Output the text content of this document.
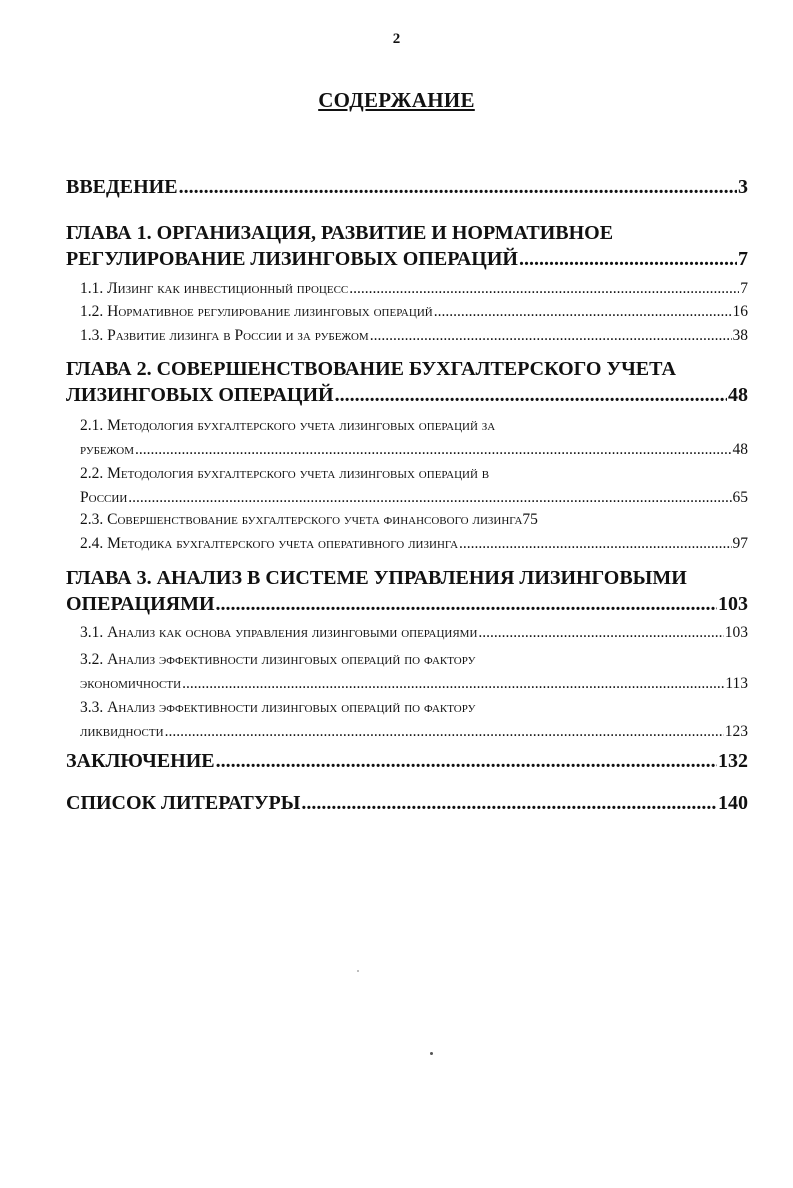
2
СОДЕРЖАНИЕ
ВВЕДЕНИЕ .....	3
ГЛАВА 1. ОРГАНИЗАЦИЯ, РАЗВИТИЕ И НОРМАТИВНОЕ
РЕГУЛИРОВАНИЕ ЛИЗИНГОВЫХ ОПЕРАЦИЙ .....	7
1.1. Лизинг как инвестиционный процесс .....	7
1.2. Нормативное регулирование лизинговых операций .....	16
1.3. Развитие лизинга в России и за рубежом .....	38
ГЛАВА 2. СОВЕРШЕНСТВОВАНИЕ БУХГАЛТЕРСКОГО УЧЕТА
ЛИЗИНГОВЫХ ОПЕРАЦИЙ .....	48
2.1. Методология бухгалтерского учета лизинговых операций за
рубежом .....	48
2.2. Методология бухгалтерского учета лизинговых операций в
России .....	65
2.3. Совершенствование бухгалтерского учета финансового лизинга 75
2.4. Методика бухгалтерского учета оперативного лизинга .....	97
ГЛАВА 3. АНАЛИЗ В СИСТЕМЕ УПРАВЛЕНИЯ ЛИЗИНГОВЫМИ
ОПЕРАЦИЯМИ .....	103
3.1. Анализ как основа управления лизинговыми операциями .....	103
3.2. Анализ эффективности лизинговых операций по фактору
экономичности .....	113
3.3. Анализ эффективности лизинговых операций по фактору
ликвидности .....	123
ЗАКЛЮЧЕНИЕ .....	132
СПИСОК ЛИТЕРАТУРЫ .....	140
